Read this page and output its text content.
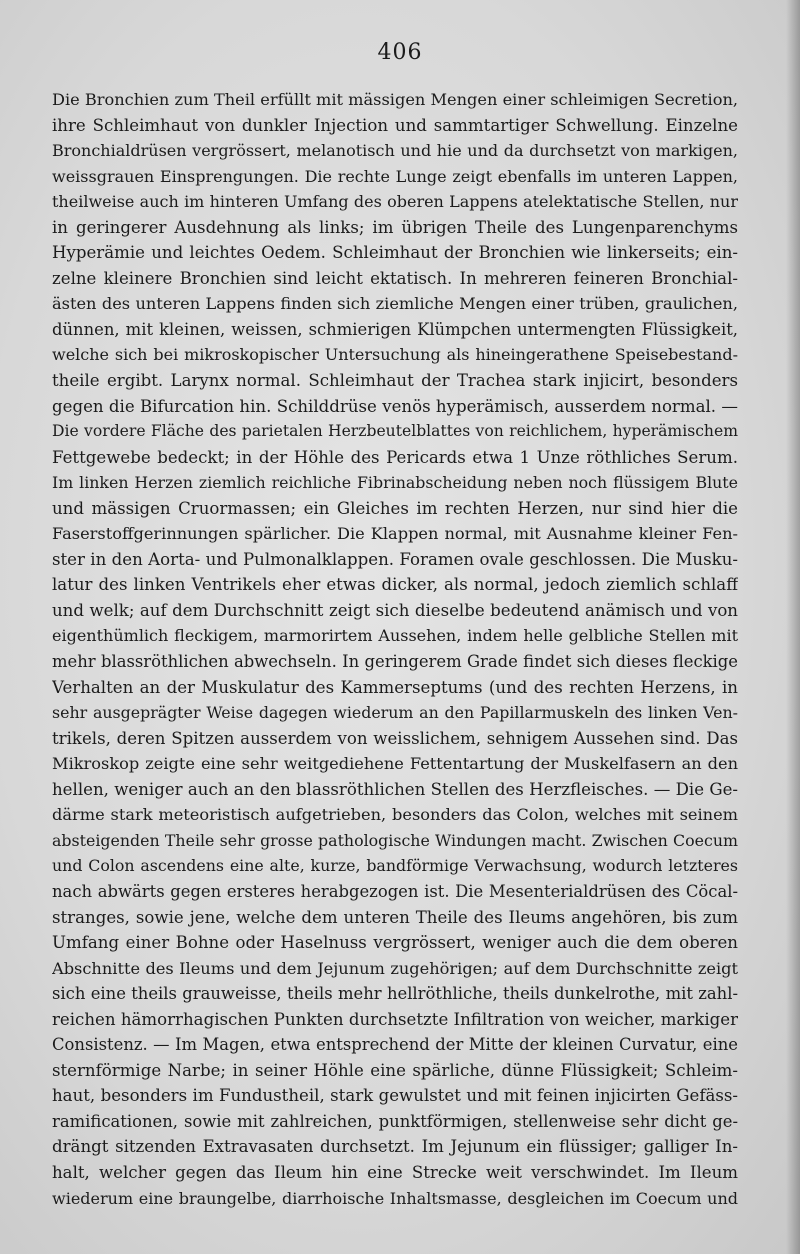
406
Die Bronchien zum Theil erfüllt mit mässigen Mengen einer schleimigen Secretion,
ihre Schleimhaut von dunkler Injection und sammtartiger Schwellung. Einzelne
Bronchialdrüsen vergrössert, melanotisch und hie und da durchsetzt von markigen,
weissgrauen Einsprengungen. Die rechte Lunge zeigt ebenfalls im unteren Lappen,
theilweise auch im hinteren Umfang des oberen Lappens atelektatische Stellen, nur
in geringerer Ausdehnung als links; im übrigen Theile des Lungenparenchyms
Hyperämie und leichtes Oedem. Schleimhaut der Bronchien wie linkerseits; ein-
zelne kleinere Bronchien sind leicht ektatisch. In mehreren feineren Bronchial-
ästen des unteren Lappens finden sich ziemliche Mengen einer trüben, graulichen,
dünnen, mit kleinen, weissen, schmierigen Klümpchen untermengten Flüssigkeit,
welche sich bei mikroskopischer Untersuchung als hineingerathene Speisebestand-
theile ergibt. Larynx normal. Schleimhaut der Trachea stark injicirt, besonders
gegen die Bifurcation hin. Schilddrüse venös hyperämisch, ausserdem normal. —
Die vordere Fläche des parietalen Herzbeutelblattes von reichlichem, hyperämischem
Fettgewebe bedeckt; in der Höhle des Pericards etwa 1 Unze röthliches Serum.
Im linken Herzen ziemlich reichliche Fibrinabscheidung neben noch flüssigem Blute
und mässigen Cruormassen; ein Gleiches im rechten Herzen, nur sind hier die
Faserstoffgerinnungen spärlicher. Die Klappen normal, mit Ausnahme kleiner Fen-
ster in den Aorta- und Pulmonalklappen. Foramen ovale geschlossen. Die Musku-
latur des linken Ventrikels eher etwas dicker, als normal, jedoch ziemlich schlaff
und welk; auf dem Durchschnitt zeigt sich dieselbe bedeutend anämisch und von
eigenthümlich fleckigem, marmorirtem Aussehen, indem helle gelbliche Stellen mit
mehr blassröthlichen abwechseln. In geringerem Grade findet sich dieses fleckige
Verhalten an der Muskulatur des Kammerseptums (und des rechten Herzens, in
sehr ausgeprägter Weise dagegen wiederum an den Papillarmuskeln des linken Ven-
trikels, deren Spitzen ausserdem von weisslichem, sehnigem Aussehen sind. Das
Mikroskop zeigte eine sehr weitgediehene Fettentartung der Muskelfasern an den
hellen, weniger auch an den blassröthlichen Stellen des Herzfleisches. — Die Ge-
därme stark meteoristisch aufgetrieben, besonders das Colon, welches mit seinem
absteigenden Theile sehr grosse pathologische Windungen macht. Zwischen Coecum
und Colon ascendens eine alte, kurze, bandförmige Verwachsung, wodurch letzteres
nach abwärts gegen ersteres herabgezogen ist. Die Mesenterialdrüsen des Cöcal-
stranges, sowie jene, welche dem unteren Theile des Ileums angehören, bis zum
Umfang einer Bohne oder Haselnuss vergrössert, weniger auch die dem oberen
Abschnitte des Ileums und dem Jejunum zugehörigen; auf dem Durchschnitte zeigt
sich eine theils grauweisse, theils mehr hellröthliche, theils dunkelrothe, mit zahl-
reichen hämorrhagischen Punkten durchsetzte Infiltration von weicher, markiger
Consistenz. — Im Magen, etwa entsprechend der Mitte der kleinen Curvatur, eine
sternförmige Narbe; in seiner Höhle eine spärliche, dünne Flüssigkeit; Schleim-
haut, besonders im Fundustheil, stark gewulstet und mit feinen injicirten Gefäss-
ramificationen, sowie mit zahlreichen, punktförmigen, stellenweise sehr dicht ge-
drängt sitzenden Extravasaten durchsetzt. Im Jejunum ein flüssiger; galliger In-
halt, welcher gegen das Ileum hin eine Strecke weit verschwindet. Im Ileum
wiederum eine braungelbe, diarrhoische Inhaltsmasse, desgleichen im Coecum und
